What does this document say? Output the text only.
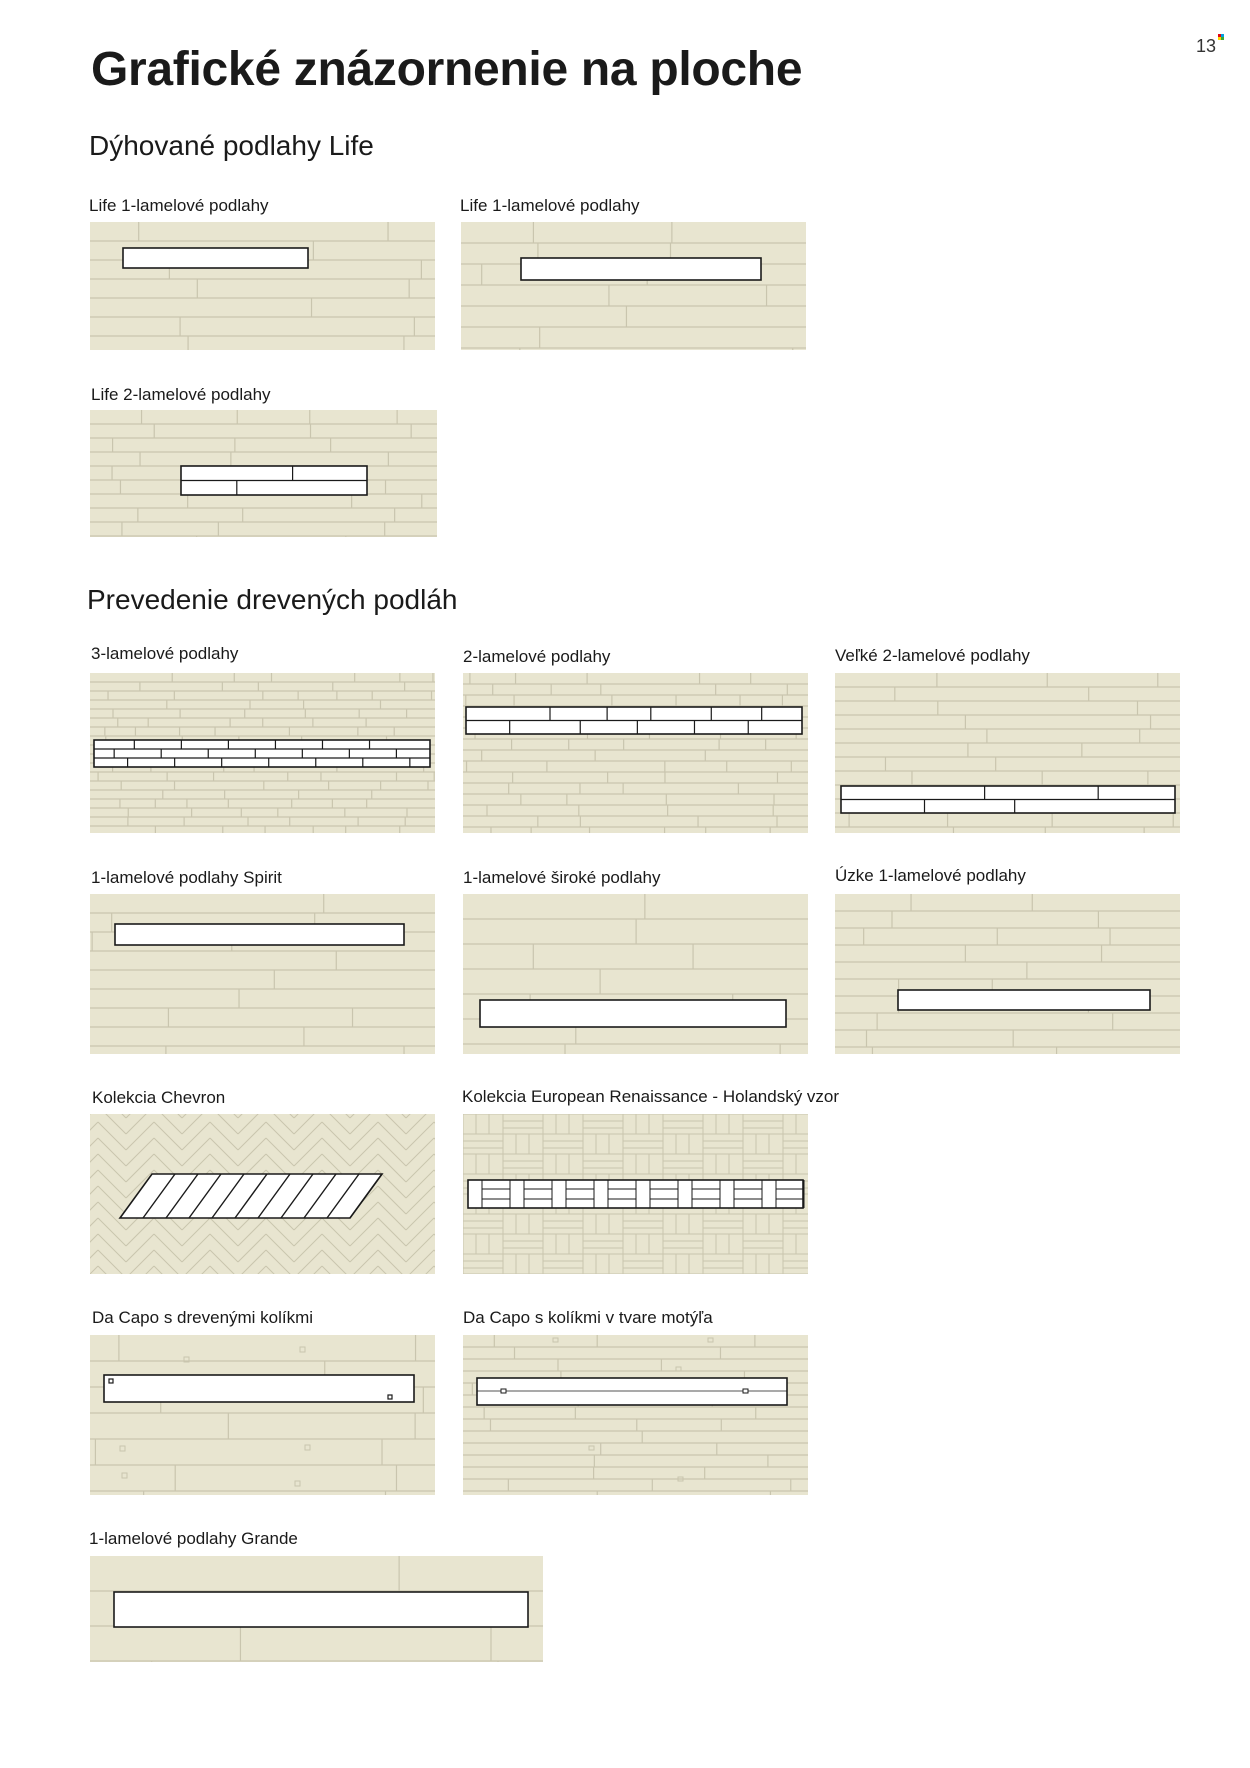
Grafické znázornenie na ploche	13
Dýhované podlahy Life
Prevedenie drevených podláh
Life 1-lamelové podlahy	Life 1-lamelové podlahy
Life 2-lamelové podlahy
3-lamelové podlahy	2-lamelové podlahy	Veľké 2-lamelové podlahy
1-lamelové podlahy Spirit	1-lamelové široké podlahy	Úzke 1-lamelové podlahy
Kolekcia Chevron	Kolekcia European Renaissance - Holandský vzor
Da Capo s drevenými kolíkmi	Da Capo s kolíkmi v tvare motýľa
1-lamelové podlahy Grande
